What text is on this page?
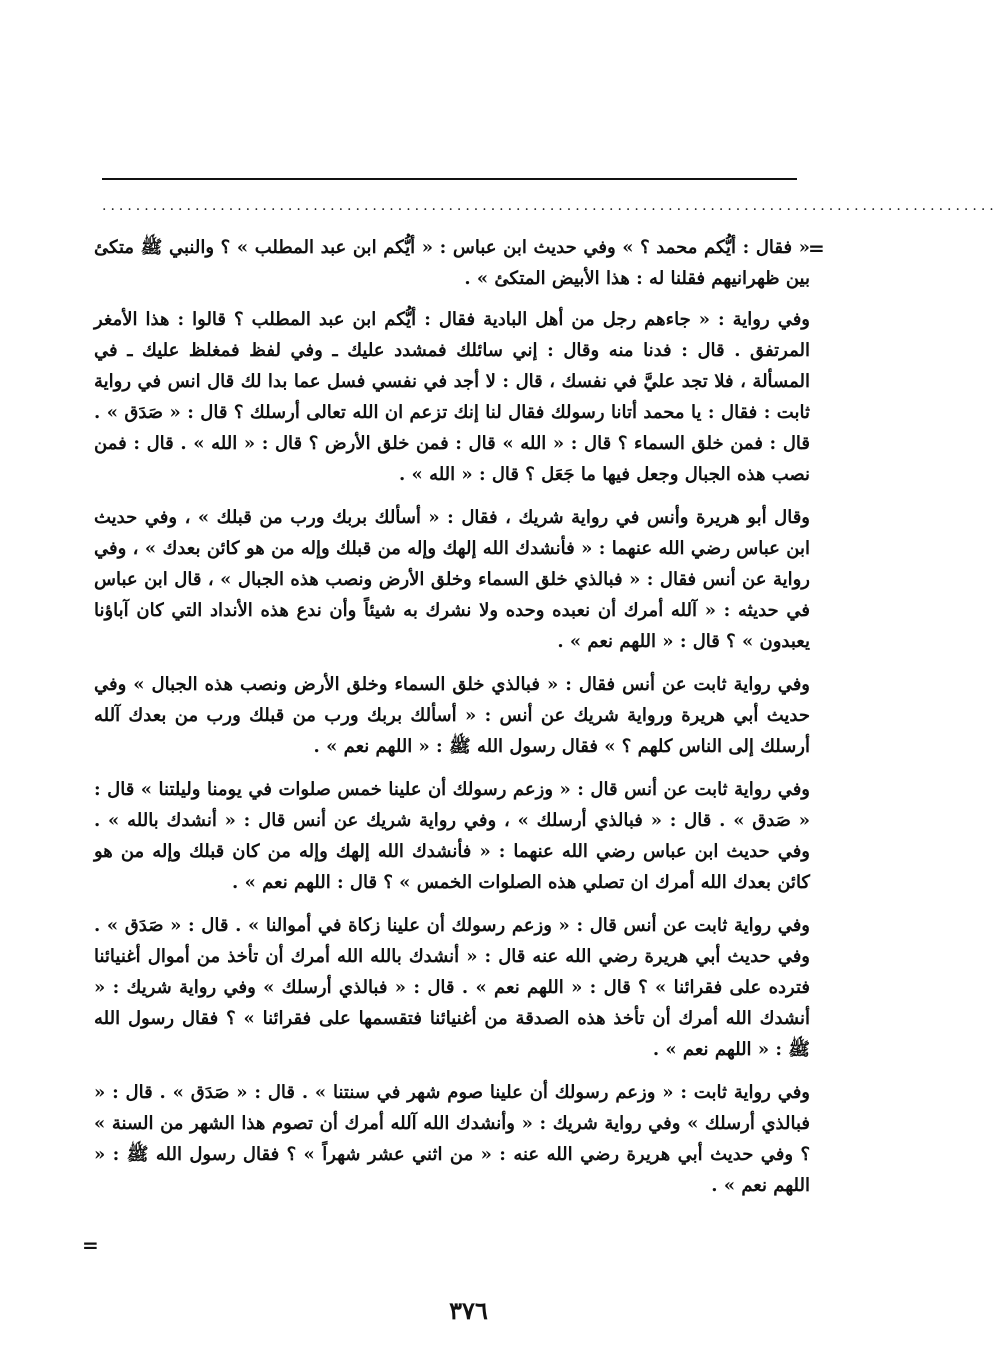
..........................................................................................................
=

« فقال : أيُّكم محمد ؟ » وفي حديث ابن عباس : « أيُّكم ابن عبد المطلب » ؟ والنبي ﷺ متكئ بين ظهرانيهم فقلنا له : هذا الأبيض المتكئ » .

وفي رواية : « جاءهم رجل من أهل البادية فقال : أيُّكم ابن عبد المطلب ؟ قالوا : هذا الأمغر المرتفق . قال : فدنا منه وقال : إني سائلك فمشدد عليك ـ وفي لفظ فمغلظ عليك ـ في المسألة ، فلا تجد عليَّ في نفسك ، قال : لا أجد في نفسي فسل عما بدا لك قال انس في رواية ثابت : فقال : يا محمد أتانا رسولك فقال لنا إنك تزعم ان الله تعالى أرسلك ؟ قال : « صَدَق » . قال : فمن خلق السماء ؟ قال : « الله » قال : فمن خلق الأرض ؟ قال : « الله » . قال : فمن نصب هذه الجبال وجعل فيها ما جَعَل ؟ قال : « الله » .

وقال أبو هريرة وأنس في رواية شريك ، فقال : « أسألك بربك ورب من قبلك » ، وفي حديث ابن عباس رضي الله عنهما : « فأنشدك الله إلهك وإله من قبلك وإله من هو كائن بعدك » ، وفي رواية عن أنس فقال : « فبالذي خلق السماء وخلق الأرض ونصب هذه الجبال » ، قال ابن عباس في حديثه : « آلله أمرك أن نعبده وحده ولا نشرك به شيئاً وأن ندع هذه الأنداد التي كان آباؤنا يعبدون » ؟ قال : « اللهم نعم » .

وفي رواية ثابت عن أنس فقال : « فبالذي خلق السماء وخلق الأرض ونصب هذه الجبال » وفي حديث أبي هريرة ورواية شريك عن أنس : « أسألك بربك ورب من قبلك ورب من بعدك آلله أرسلك إلى الناس كلهم ؟ » فقال رسول الله ﷺ : « اللهم نعم » .

وفي رواية ثابت عن أنس قال : « وزعم رسولك أن علينا خمس صلوات في يومنا وليلتنا » قال : « صَدق » . قال : « فبالذي أرسلك » ، وفي رواية شريك عن أنس قال : « أنشدك بالله » . وفي حديث ابن عباس رضي الله عنهما : « فأنشدك الله إلهك وإله من كان قبلك وإله من هو كائن بعدك الله أمرك ان تصلي هذه الصلوات الخمس » ؟ قال : اللهم نعم » .

وفي رواية ثابت عن أنس قال : « وزعم رسولك أن علينا زكاة في أموالنا » . قال : « صَدَق » . وفي حديث أبي هريرة رضي الله عنه قال : « أنشدك بالله الله أمرك أن تأخذ من أموال أغنيائنا فترده على فقرائنا » ؟ قال : « اللهم نعم » . قال : « فبالذي أرسلك » وفي رواية شريك : « أنشدك الله أمرك أن تأخذ هذه الصدقة من أغنيائنا فتقسمها على فقرائنا » ؟ فقال رسول الله ﷺ : « اللهم نعم » .

وفي رواية ثابت : « وزعم رسولك أن علينا صوم شهر في سنتنا » . قال : « صَدَق » . قال : « فبالذي أرسلك » وفي رواية شريك : « وأنشدك الله آلله أمرك أن تصوم هذا الشهر من السنة » ؟ وفي حديث أبي هريرة رضي الله عنه : « من اثني عشر شهراً » ؟ فقال رسول الله ﷺ : « اللهم نعم » .

=
٣٧٦
